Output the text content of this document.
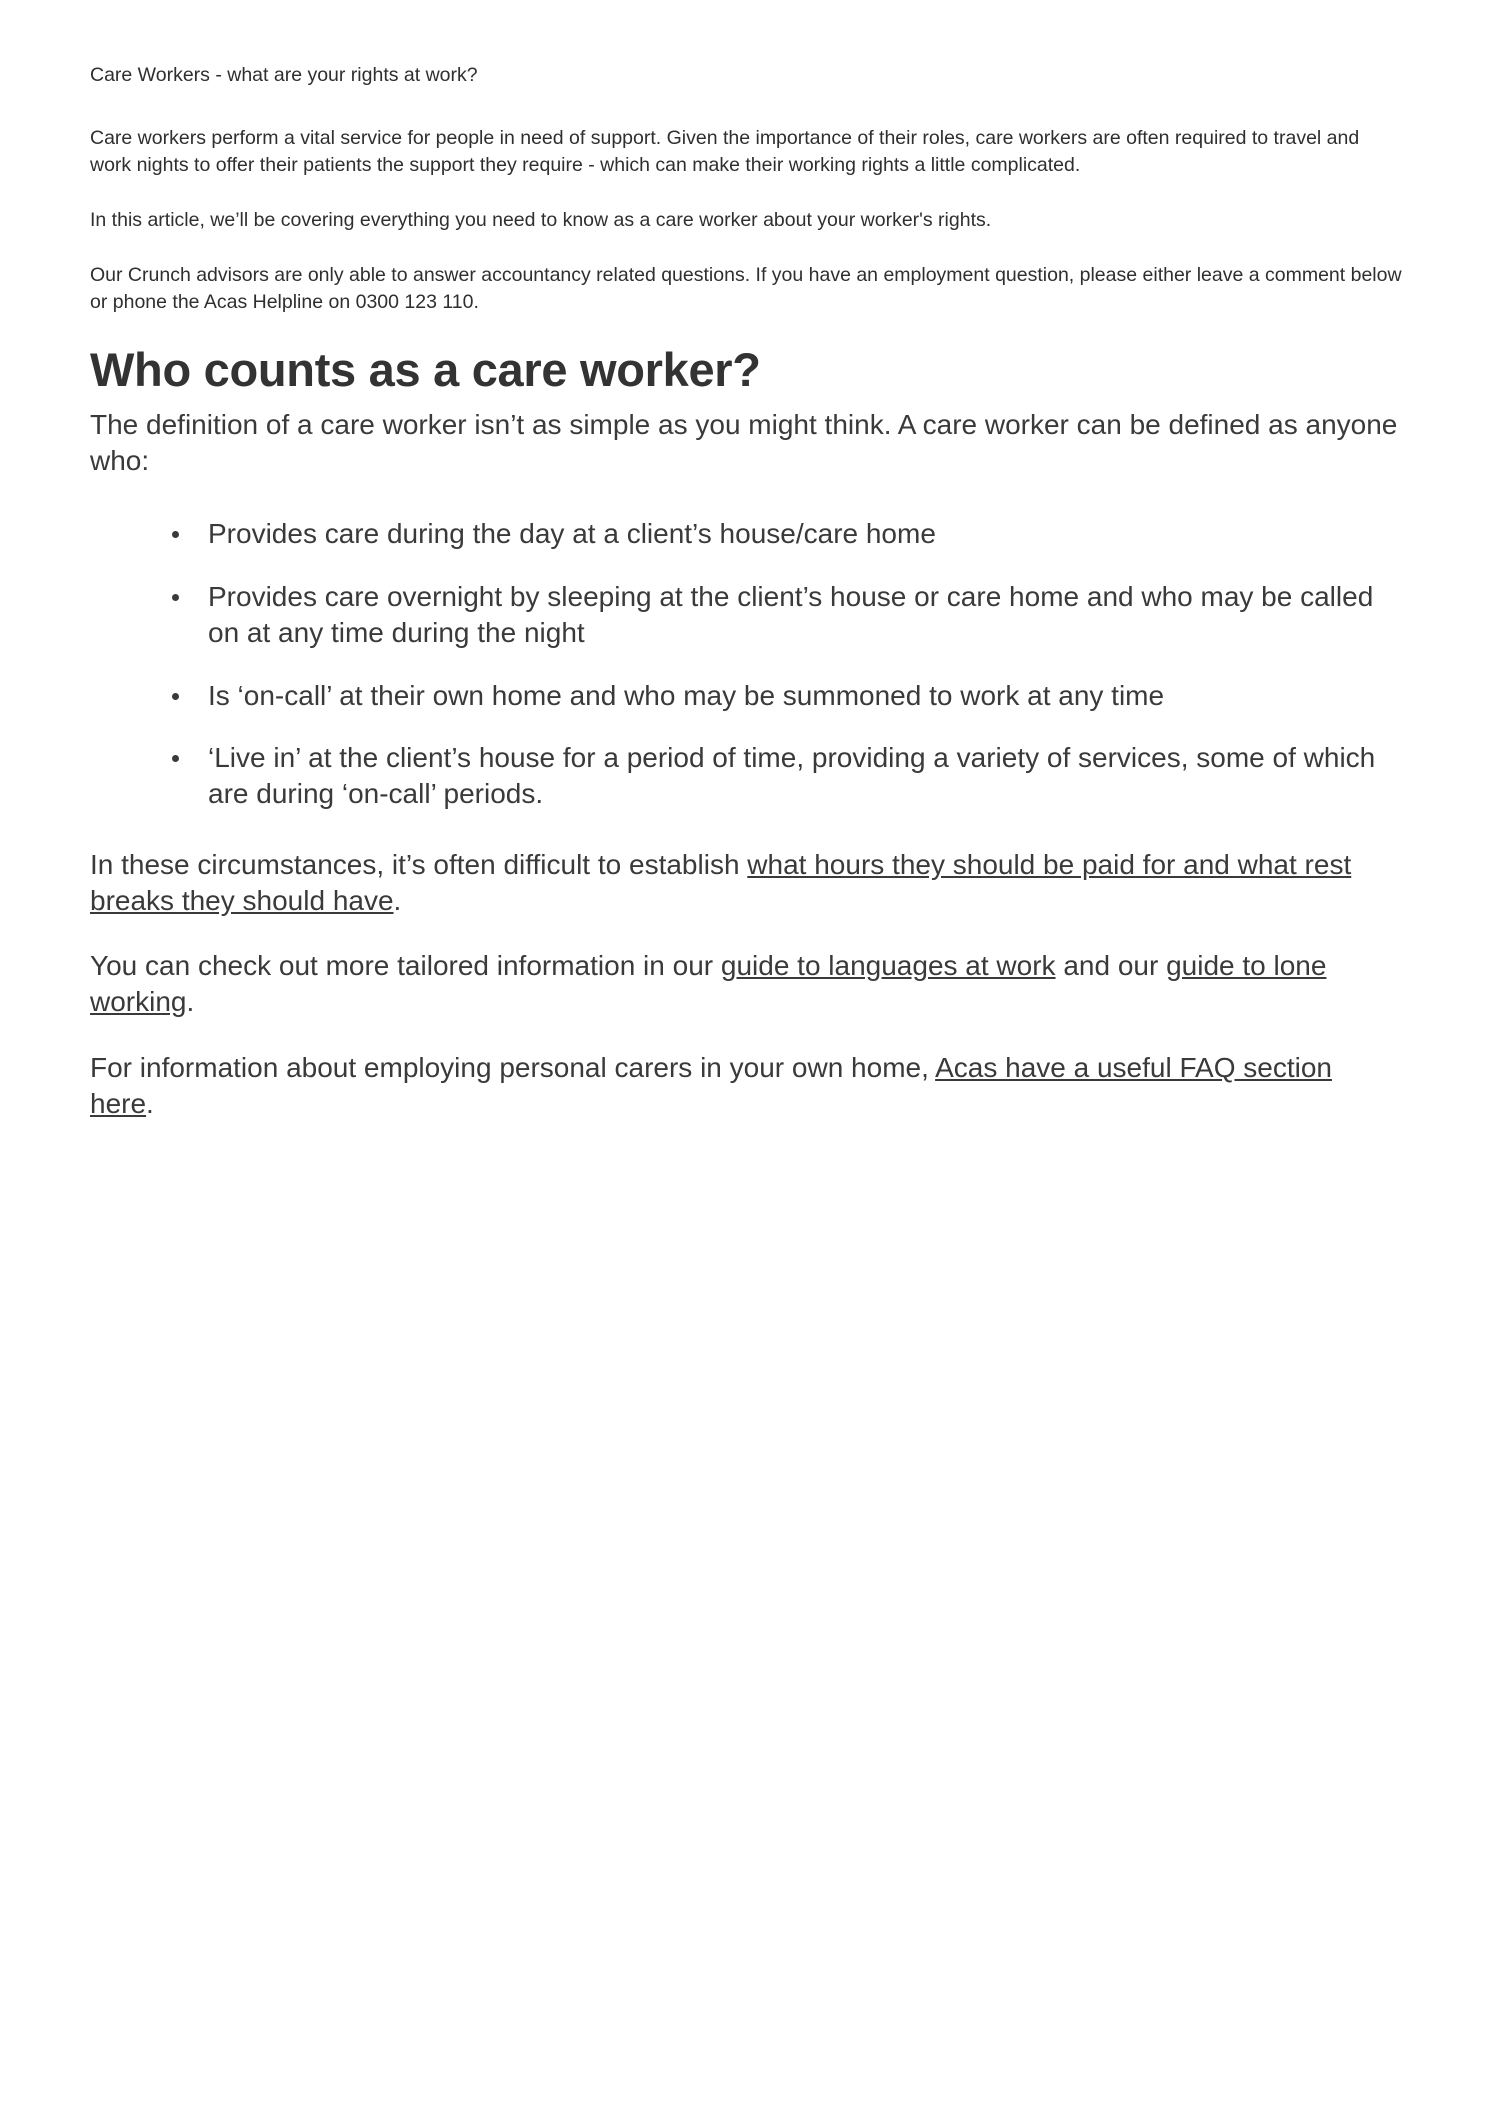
Care Workers - what are your rights at work?

Care workers perform a vital service for people in need of support. Given the importance of their roles, care workers are often required to travel and work nights to offer their patients the support they require - which can make their working rights a little complicated.

In this article, we’ll be covering everything you need to know as a care worker about your worker's rights.

Our Crunch advisors are only able to answer accountancy related questions. If you have an employment question, please either leave a comment below or phone the Acas Helpline on 0300 123 110.

Who counts as a care worker?

The definition of a care worker isn’t as simple as you might think. A care worker can be defined as anyone who:

Provides care during the day at a client’s house/care home
Provides care overnight by sleeping at the client’s house or care home and who may be called on at any time during the night
Is ‘on-call’ at their own home and who may be summoned to work at any time
‘Live in’ at the client’s house for a period of time, providing a variety of services, some of which are during ‘on-call’ periods.

In these circumstances, it’s often difficult to establish what hours they should be paid for and what rest breaks they should have.

You can check out more tailored information in our guide to languages at work and our guide to lone working.

For information about employing personal carers in your own home, Acas have a useful FAQ section here.
